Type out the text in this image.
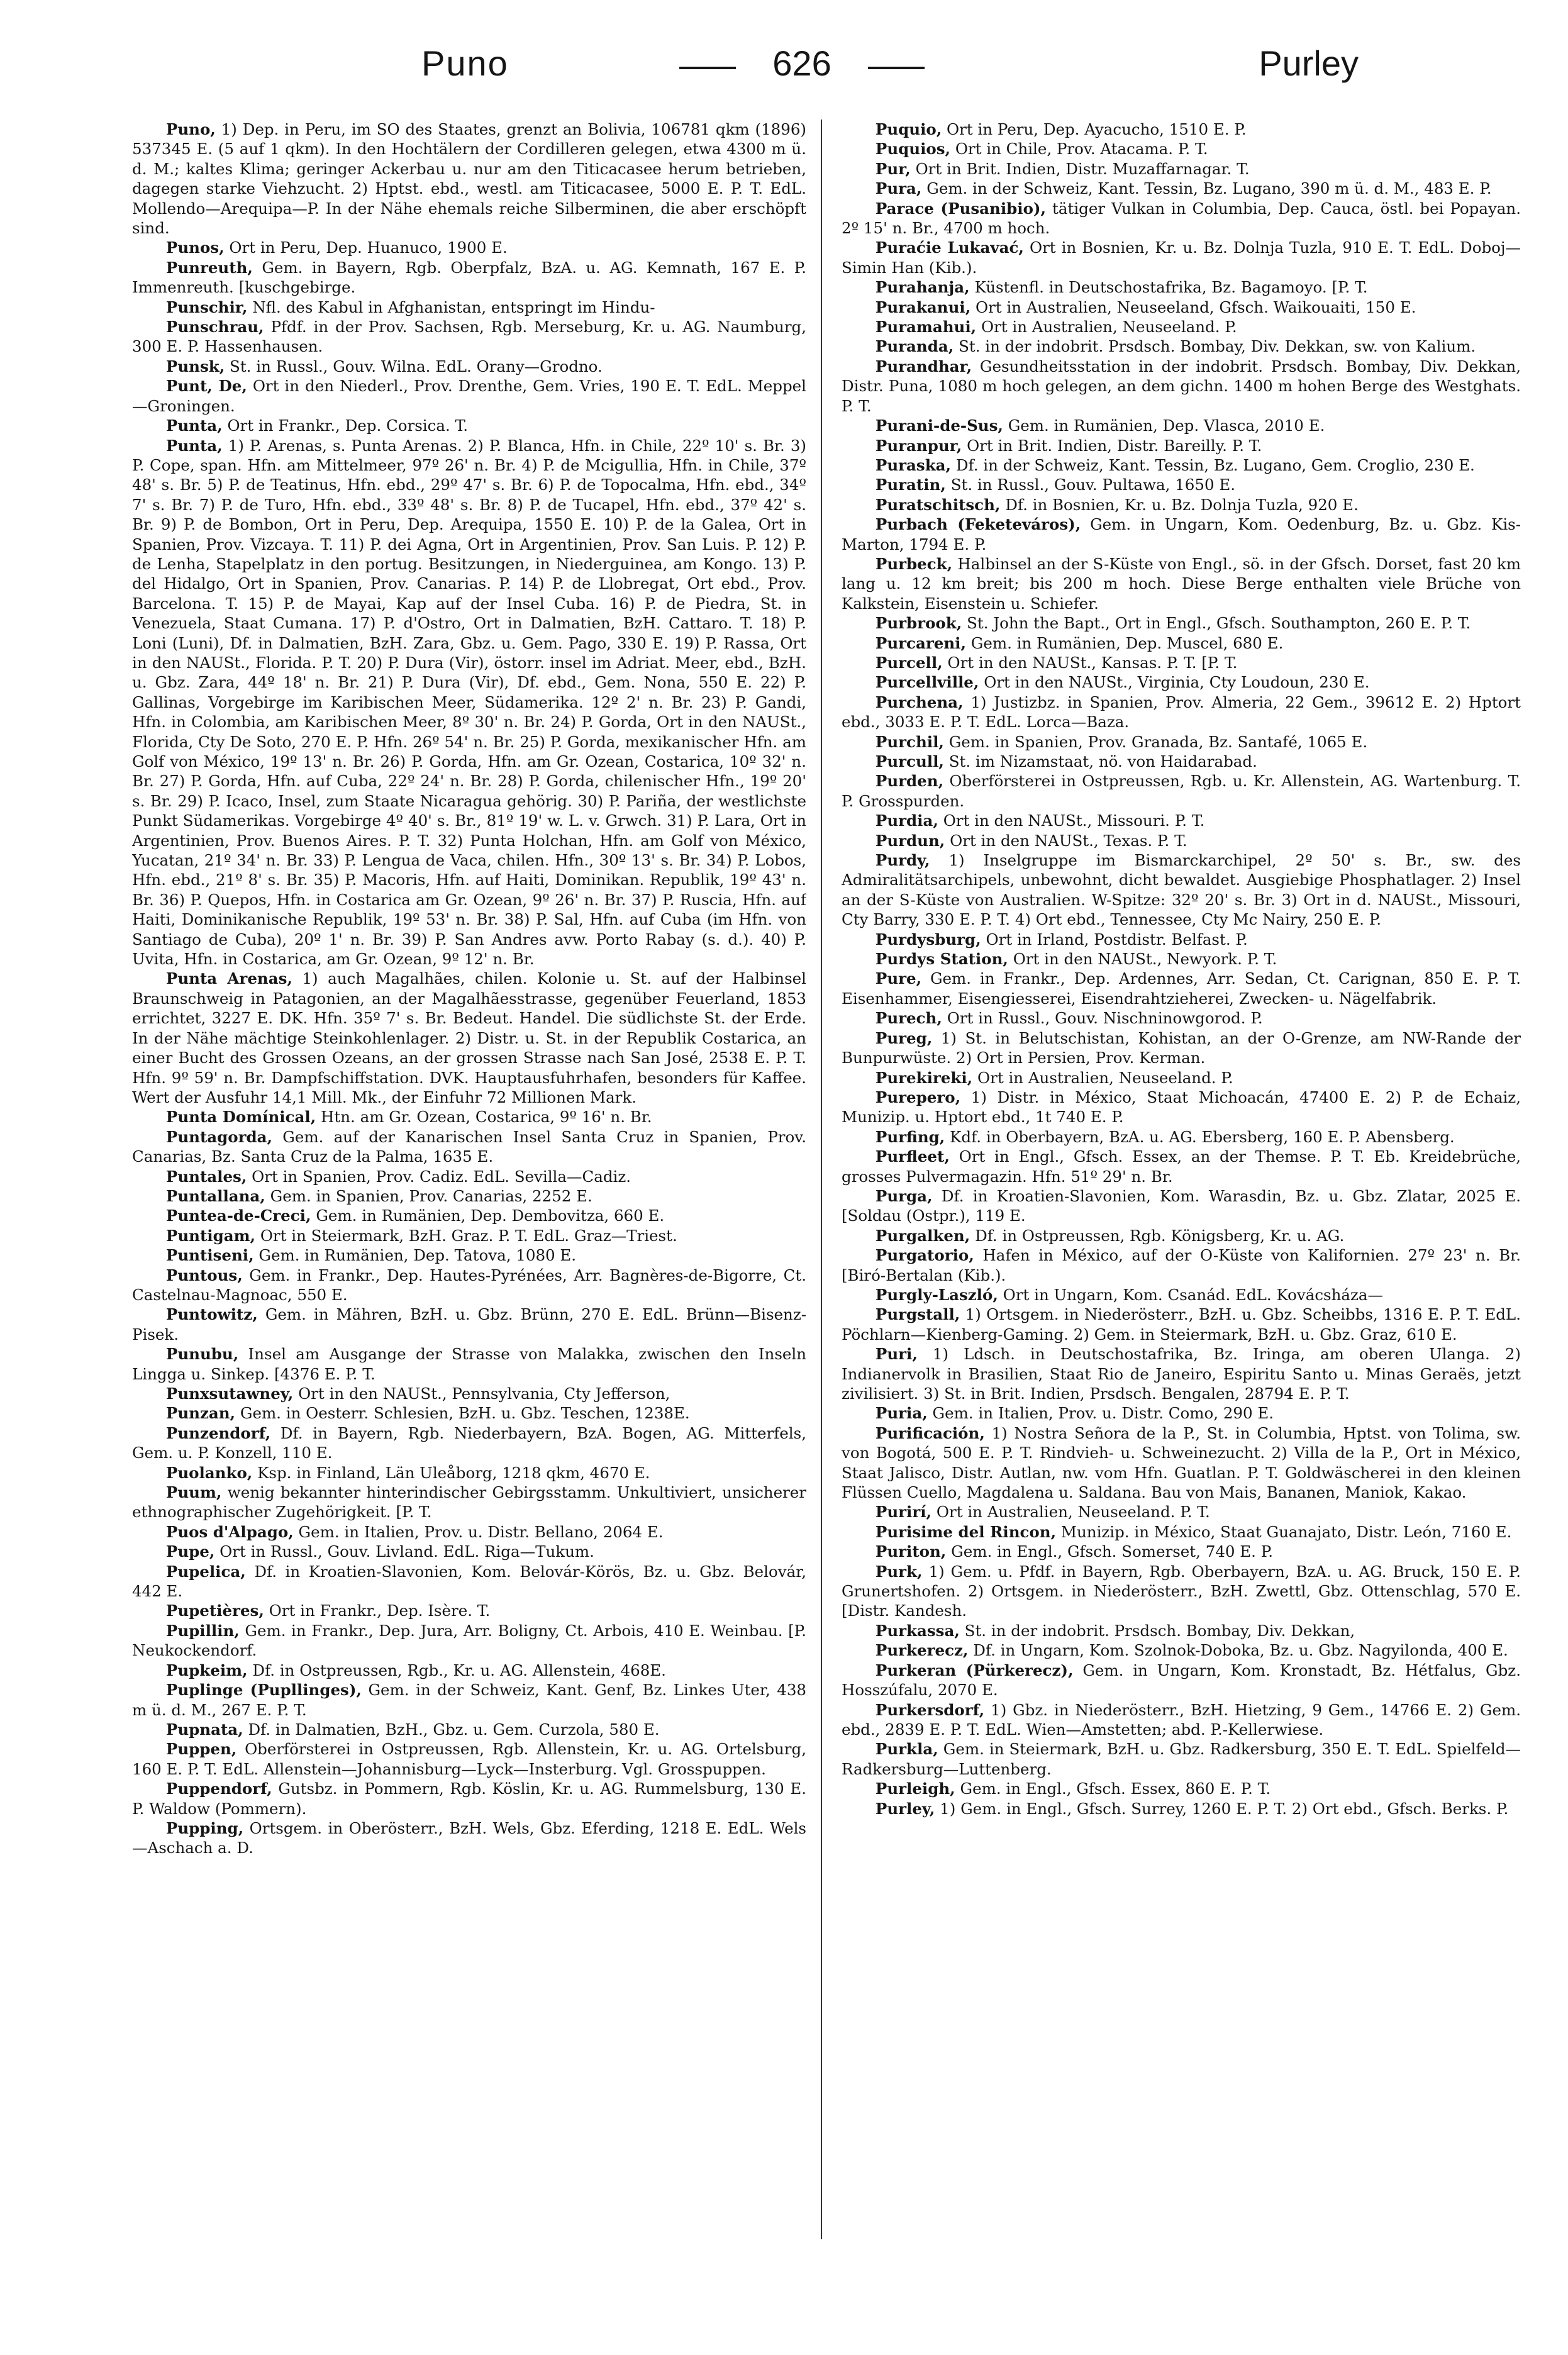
Puno	626	Purley

Puno, 1) Dep. in Peru, im SO des Staates, grenzt an Bolivia, 106781 qkm (1896) 537345 E. (5 auf 1 qkm). In den Hochtälern der Cordilleren gelegen, etwa 4300 m ü. d. M.; kaltes Klima; geringer Ackerbau u. nur am den Titicacasee herum betrieben, dagegen starke Viehzucht. 2) Hptst. ebd., westl. am Titicacasee, 5000 E. P. T. EdL. Mollendo—Arequipa—P. In der Nähe ehemals reiche Silberminen, die aber erschöpft sind.

Punos, Ort in Peru, Dep. Huanuco, 1900 E.

Punreuth, Gem. in Bayern, Rgb. Oberpfalz, BzA. u. AG. Kemnath, 167 E. P. Immenreuth. [kuschgebirge.

Punschir, Nfl. des Kabul in Afghanistan, entspringt im Hindu-

Punschrau, Pfdf. in der Prov. Sachsen, Rgb. Merseburg, Kr. u. AG. Naumburg, 300 E. P. Hassenhausen.

Punsk, St. in Russl., Gouv. Wilna. EdL. Orany—Grodno.

Punt, De, Ort in den Niederl., Prov. Drenthe, Gem. Vries, 190 E. T. EdL. Meppel—Groningen.

Punta, Ort in Frankr., Dep. Corsica. T.

Punta, 1) P. Arenas, s. Punta Arenas. 2) P. Blanca, Hfn. in Chile, 22º 10' s. Br. 3) P. Cope, span. Hfn. am Mittelmeer, 97º 26' n. Br. 4) P. de Mcigullia, Hfn. in Chile, 37º 48' s. Br. 5) P. de Teatinus, Hfn. ebd., 29º 47' s. Br. 6) P. de Topocalma, Hfn. ebd., 34º 7' s. Br. 7) P. de Turo, Hfn. ebd., 33º 48' s. Br. 8) P. de Tucapel, Hfn. ebd., 37º 42' s. Br. 9) P. de Bombon, Ort in Peru, Dep. Arequipa, 1550 E. 10) P. de la Galea, Ort in Spanien, Prov. Vizcaya. T. 11) P. dei Agna, Ort in Argentinien, Prov. San Luis. P. 12) P. de Lenha, Stapelplatz in den portug. Besitzungen, in Niederguinea, am Kongo. 13) P. del Hidalgo, Ort in Spanien, Prov. Canarias. P. 14) P. de Llobregat, Ort ebd., Prov. Barcelona. T. 15) P. de Mayai, Kap auf der Insel Cuba. 16) P. de Piedra, St. in Venezuela, Staat Cumana. 17) P. d'Ostro, Ort in Dalmatien, BzH. Cattaro. T. 18) P. Loni (Luni), Df. in Dalmatien, BzH. Zara, Gbz. u. Gem. Pago, 330 E. 19) P. Rassa, Ort in den NAUSt., Florida. P. T. 20) P. Dura (Vir), östorr. insel im Adriat. Meer, ebd., BzH. u. Gbz. Zara, 44º 18' n. Br. 21) P. Dura (Vir), Df. ebd., Gem. Nona, 550 E. 22) P. Gallinas, Vorgebirge im Karibischen Meer, Südamerika. 12º 2' n. Br. 23) P. Gandi, Hfn. in Colombia, am Karibischen Meer, 8º 30' n. Br. 24) P. Gorda, Ort in den NAUSt., Florida, Cty De Soto, 270 E. P. Hfn. 26º 54' n. Br. 25) P. Gorda, mexikanischer Hfn. am Golf von México, 19º 13' n. Br. 26) P. Gorda, Hfn. am Gr. Ozean, Costarica, 10º 32' n. Br. 27) P. Gorda, Hfn. auf Cuba, 22º 24' n. Br. 28) P. Gorda, chilenischer Hfn., 19º 20' s. Br. 29) P. Icaco, Insel, zum Staate Nicaragua gehörig. 30) P. Pariña, der westlichste Punkt Südamerikas. Vorgebirge 4º 40' s. Br., 81º 19' w. L. v. Grwch. 31) P. Lara, Ort in Argentinien, Prov. Buenos Aires. P. T. 32) Punta Holchan, Hfn. am Golf von México, Yucatan, 21º 34' n. Br. 33) P. Lengua de Vaca, chilen. Hfn., 30º 13' s. Br. 34) P. Lobos, Hfn. ebd., 21º 8' s. Br. 35) P. Macoris, Hfn. auf Haiti, Dominikan. Republik, 19º 43' n. Br. 36) P. Quepos, Hfn. in Costarica am Gr. Ozean, 9º 26' n. Br. 37) P. Ruscia, Hfn. auf Haiti, Dominikanische Republik, 19º 53' n. Br. 38) P. Sal, Hfn. auf Cuba (im Hfn. von Santiago de Cuba), 20º 1' n. Br. 39) P. San Andres avw. Porto Rabay (s. d.). 40) P. Uvita, Hfn. in Costarica, am Gr. Ozean, 9º 12' n. Br.

Punta Arenas, 1) auch Magalhães, chilen. Kolonie u. St. auf der Halbinsel Braunschweig in Patagonien, an der Magalhãesstrasse, gegenüber Feuerland, 1853 errichtet, 3227 E. DK. Hfn. 35º 7' s. Br. Bedeut. Handel. Die südlichste St. der Erde. In der Nähe mächtige Steinkohlenlager. 2) Distr. u. St. in der Republik Costarica, an einer Bucht des Grossen Ozeans, an der grossen Strasse nach San José, 2538 E. P. T. Hfn. 9º 59' n. Br. Dampfschiffstation. DVK. Hauptausfuhrhafen, besonders für Kaffee. Wert der Ausfuhr 14,1 Mill. Mk., der Einfuhr 72 Millionen Mark.

Punta Domínical, Htn. am Gr. Ozean, Costarica, 9º 16' n. Br.

Puntagorda, Gem. auf der Kanarischen Insel Santa Cruz in Spanien, Prov. Canarias, Bz. Santa Cruz de la Palma, 1635 E.

Puntales, Ort in Spanien, Prov. Cadiz. EdL. Sevilla—Cadiz.

Puntallana, Gem. in Spanien, Prov. Canarias, 2252 E.

Puntea-de-Creci, Gem. in Rumänien, Dep. Dembovitza, 660 E.

Puntigam, Ort in Steiermark, BzH. Graz. P. T. EdL. Graz—Triest.

Puntiseni, Gem. in Rumänien, Dep. Tatova, 1080 E.

Puntous, Gem. in Frankr., Dep. Hautes-Pyrénées, Arr. Bagnères-de-Bigorre, Ct. Castelnau-Magnoac, 550 E.

Puntowitz, Gem. in Mähren, BzH. u. Gbz. Brünn, 270 E. EdL. Brünn—Bisenz-Pisek.

Punubu, Insel am Ausgange der Strasse von Malakka, zwischen den Inseln Lingga u. Sinkep. [4376 E. P. T.

Punxsutawney, Ort in den NAUSt., Pennsylvania, Cty Jefferson,

Punzan, Gem. in Oesterr. Schlesien, BzH. u. Gbz. Teschen, 1238E.

Punzendorf, Df. in Bayern, Rgb. Niederbayern, BzA. Bogen, AG. Mitterfels, Gem. u. P. Konzell, 110 E.

Puolanko, Ksp. in Finland, Län Uleåborg, 1218 qkm, 4670 E.

Puum, wenig bekannter hinterindischer Gebirgsstamm. Unkultiviert, unsicherer ethnographischer Zugehörigkeit. [P. T.

Puos d'Alpago, Gem. in Italien, Prov. u. Distr. Bellano, 2064 E.

Pupe, Ort in Russl., Gouv. Livland. EdL. Riga—Tukum.

Pupelica, Df. in Kroatien-Slavonien, Kom. Belovár-Körös, Bz. u. Gbz. Belovár, 442 E.

Pupetières, Ort in Frankr., Dep. Isère. T.

Pupillin, Gem. in Frankr., Dep. Jura, Arr. Boligny, Ct. Arbois, 410 E. Weinbau. [P. Neukockendorf.

Pupkeim, Df. in Ostpreussen, Rgb., Kr. u. AG. Allenstein, 468E.

Puplinge (Pupllinges), Gem. in der Schweiz, Kant. Genf, Bz. Linkes Uter, 438 m ü. d. M., 267 E. P. T.

Pupnata, Df. in Dalmatien, BzH., Gbz. u. Gem. Curzola, 580 E.

Puppen, Oberförsterei in Ostpreussen, Rgb. Allenstein, Kr. u. AG. Ortelsburg, 160 E. P. T. EdL. Allenstein—Johannisburg—Lyck—Insterburg. Vgl. Grosspuppen.

Puppendorf, Gutsbz. in Pommern, Rgb. Köslin, Kr. u. AG. Rummelsburg, 130 E. P. Waldow (Pommern).

Pupping, Ortsgem. in Oberösterr., BzH. Wels, Gbz. Eferding, 1218 E. EdL. Wels—Aschach a. D.

Puquio, Ort in Peru, Dep. Ayacucho, 1510 E. P.

Puquios, Ort in Chile, Prov. Atacama. P. T.

Pur, Ort in Brit. Indien, Distr. Muzaffarnagar. T.

Pura, Gem. in der Schweiz, Kant. Tessin, Bz. Lugano, 390 m ü. d. M., 483 E. P.

Parace (Pusanibio), tätiger Vulkan in Columbia, Dep. Cauca, östl. bei Popayan. 2º 15' n. Br., 4700 m hoch.

Puraćie Lukavać, Ort in Bosnien, Kr. u. Bz. Dolnja Tuzla, 910 E. T. EdL. Doboj—Simin Han (Kib.).

Purahanja, Küstenfl. in Deutschostafrika, Bz. Bagamoyo. [P. T.

Purakanui, Ort in Australien, Neuseeland, Gfsch. Waikouaiti, 150 E.

Puramahui, Ort in Australien, Neuseeland. P.

Puranda, St. in der indobrit. Prsdsch. Bombay, Div. Dekkan, sw. von Kalium.

Purandhar, Gesundheitsstation in der indobrit. Prsdsch. Bombay, Div. Dekkan, Distr. Puna, 1080 m hoch gelegen, an dem gichn. 1400 m hohen Berge des Westghats. P. T.

Purani-de-Sus, Gem. in Rumänien, Dep. Vlasca, 2010 E.

Puranpur, Ort in Brit. Indien, Distr. Bareilly. P. T.

Puraska, Df. in der Schweiz, Kant. Tessin, Bz. Lugano, Gem. Croglio, 230 E.

Puratin, St. in Russl., Gouv. Pultawa, 1650 E.

Puratschitsch, Df. in Bosnien, Kr. u. Bz. Dolnja Tuzla, 920 E.

Purbach (Feketeváros), Gem. in Ungarn, Kom. Oedenburg, Bz. u. Gbz. Kis-Marton, 1794 E. P.

Purbeck, Halbinsel an der S-Küste von Engl., sö. in der Gfsch. Dorset, fast 20 km lang u. 12 km breit; bis 200 m hoch. Diese Berge enthalten viele Brüche von Kalkstein, Eisenstein u. Schiefer.

Purbrook, St. John the Bapt., Ort in Engl., Gfsch. Southampton, 260 E. P. T.

Purcareni, Gem. in Rumänien, Dep. Muscel, 680 E.

Purcell, Ort in den NAUSt., Kansas. P. T. [P. T.

Purcellville, Ort in den NAUSt., Virginia, Cty Loudoun, 230 E.

Purchena, 1) Justizbz. in Spanien, Prov. Almeria, 22 Gem., 39612 E. 2) Hptort ebd., 3033 E. P. T. EdL. Lorca—Baza.

Purchil, Gem. in Spanien, Prov. Granada, Bz. Santafé, 1065 E.

Purcull, St. im Nizamstaat, nö. von Haidarabad.

Purden, Oberförsterei in Ostpreussen, Rgb. u. Kr. Allenstein, AG. Wartenburg. T. P. Grosspurden.

Purdia, Ort in den NAUSt., Missouri. P. T.

Purdun, Ort in den NAUSt., Texas. P. T.

Purdy, 1) Inselgruppe im Bismarckarchipel, 2º 50' s. Br., sw. des Admiralitätsarchipels, unbewohnt, dicht bewaldet. Ausgiebige Phosphatlager. 2) Insel an der S-Küste von Australien. W-Spitze: 32º 20' s. Br. 3) Ort in d. NAUSt., Missouri, Cty Barry, 330 E. P. T. 4) Ort ebd., Tennessee, Cty Mc Nairy, 250 E. P.

Purdysburg, Ort in Irland, Postdistr. Belfast. P.

Purdys Station, Ort in den NAUSt., Newyork. P. T.

Pure, Gem. in Frankr., Dep. Ardennes, Arr. Sedan, Ct. Carignan, 850 E. P. T. Eisenhammer, Eisengiesserei, Eisendrahtzieherei, Zwecken- u. Nägelfabrik.

Purech, Ort in Russl., Gouv. Nischninowgorod. P.

Pureg, 1) St. in Belutschistan, Kohistan, an der O-Grenze, am NW-Rande der Bunpurwüste. 2) Ort in Persien, Prov. Kerman.

Purekireki, Ort in Australien, Neuseeland. P.

Purepero, 1) Distr. in México, Staat Michoacán, 47400 E. 2) P. de Echaiz, Munizip. u. Hptort ebd., 1t 740 E. P.

Purfing, Kdf. in Oberbayern, BzA. u. AG. Ebersberg, 160 E. P. Abensberg.

Purfleet, Ort in Engl., Gfsch. Essex, an der Themse. P. T. Eb. Kreidebrüche, grosses Pulvermagazin. Hfn. 51º 29' n. Br.

Purga, Df. in Kroatien-Slavonien, Kom. Warasdin, Bz. u. Gbz. Zlatar, 2025 E. [Soldau (Ostpr.), 119 E.

Purgalken, Df. in Ostpreussen, Rgb. Königsberg, Kr. u. AG.

Purgatorio, Hafen in México, auf der O-Küste von Kalifornien. 27º 23' n. Br. [Biró-Bertalan (Kib.).

Purgly-Laszló, Ort in Ungarn, Kom. Csanád. EdL. Kovácsháza—

Purgstall, 1) Ortsgem. in Niederösterr., BzH. u. Gbz. Scheibbs, 1316 E. P. T. EdL. Pöchlarn—Kienberg-Gaming. 2) Gem. in Steiermark, BzH. u. Gbz. Graz, 610 E.

Puri, 1) Ldsch. in Deutschostafrika, Bz. Iringa, am oberen Ulanga. 2) Indianervolk in Brasilien, Staat Rio de Janeiro, Espiritu Santo u. Minas Geraës, jetzt zivilisiert. 3) St. in Brit. Indien, Prsdsch. Bengalen, 28794 E. P. T.

Puria, Gem. in Italien, Prov. u. Distr. Como, 290 E.

Purificación, 1) Nostra Señora de la P., St. in Columbia, Hptst. von Tolima, sw. von Bogotá, 500 E. P. T. Rindvieh- u. Schweinezucht. 2) Villa de la P., Ort in México, Staat Jalisco, Distr. Autlan, nw. vom Hfn. Guatlan. P. T. Goldwäscherei in den kleinen Flüssen Cuello, Magdalena u. Saldana. Bau von Mais, Bananen, Maniok, Kakao.

Purirí, Ort in Australien, Neuseeland. P. T.

Purisime del Rincon, Munizip. in México, Staat Guanajato, Distr. León, 7160 E.

Puriton, Gem. in Engl., Gfsch. Somerset, 740 E. P.

Purk, 1) Gem. u. Pfdf. in Bayern, Rgb. Oberbayern, BzA. u. AG. Bruck, 150 E. P. Grunertshofen. 2) Ortsgem. in Niederösterr., BzH. Zwettl, Gbz. Ottenschlag, 570 E. [Distr. Kandesh.

Purkassa, St. in der indobrit. Prsdsch. Bombay, Div. Dekkan,

Purkerecz, Df. in Ungarn, Kom. Szolnok-Doboka, Bz. u. Gbz. Nagyilonda, 400 E.

Purkeran (Pürkerecz), Gem. in Ungarn, Kom. Kronstadt, Bz. Hétfalus, Gbz. Hosszúfalu, 2070 E.

Purkersdorf, 1) Gbz. in Niederösterr., BzH. Hietzing, 9 Gem., 14766 E. 2) Gem. ebd., 2839 E. P. T. EdL. Wien—Amstetten; abd. P.-Kellerwiese.

Purkla, Gem. in Steiermark, BzH. u. Gbz. Radkersburg, 350 E. T. EdL. Spielfeld—Radkersburg—Luttenberg.

Purleigh, Gem. in Engl., Gfsch. Essex, 860 E. P. T.

Purley, 1) Gem. in Engl., Gfsch. Surrey, 1260 E. P. T. 2) Ort ebd., Gfsch. Berks. P.
